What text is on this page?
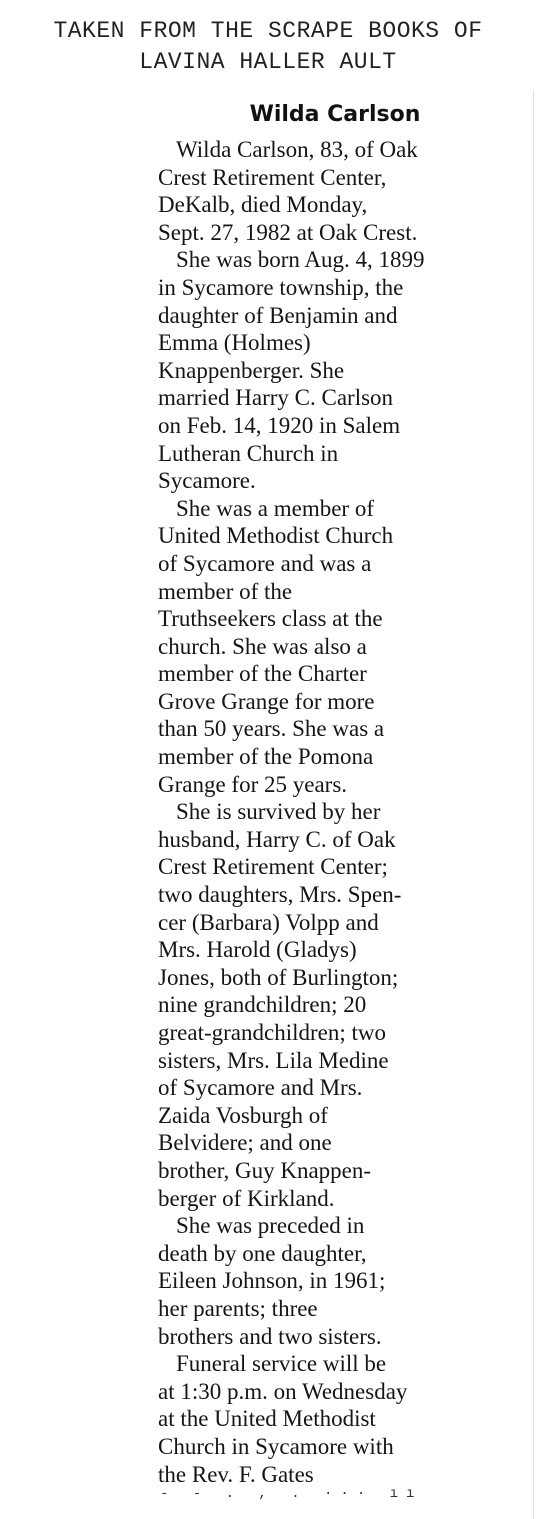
TAKEN FROM THE SCRAPE BOOKS OF
LAVINA HALLER AULT
Wilda Carlson
Wilda Carlson, 83, of Oak
Crest Retirement Center,
DeKalb, died Monday,
Sept. 27, 1982 at Oak Crest.
She was born Aug. 4, 1899
in Sycamore township, the
daughter of Benjamin and
Emma (Holmes)
Knappenberger. She
married Harry C. Carlson
on Feb. 14, 1920 in Salem
Lutheran Church in
Sycamore.
She was a member of
United Methodist Church
of Sycamore and was a
member of the
Truthseekers class at the
church. She was also a
member of the Charter
Grove Grange for more
than 50 years. She was a
member of the Pomona
Grange for 25 years.
She is survived by her
husband, Harry C. of Oak
Crest Retirement Center;
two daughters, Mrs. Spen-
cer (Barbara) Volpp and
Mrs. Harold (Gladys)
Jones, both of Burlington;
nine grandchildren; 20
great-grandchildren; two
sisters, Mrs. Lila Medine
of Sycamore and Mrs.
Zaida Vosburgh of
Belvidere; and one
brother, Guy Knappen-
berger of Kirkland.
She was preceded in
death by one daughter,
Eileen Johnson, in 1961;
her parents; three
brothers and two sisters.
Funeral service will be
at 1:30 p.m. on Wednesday
at the United Methodist
Church in Sycamore with
the Rev. F. Gates
- - . , . ··· ıı
